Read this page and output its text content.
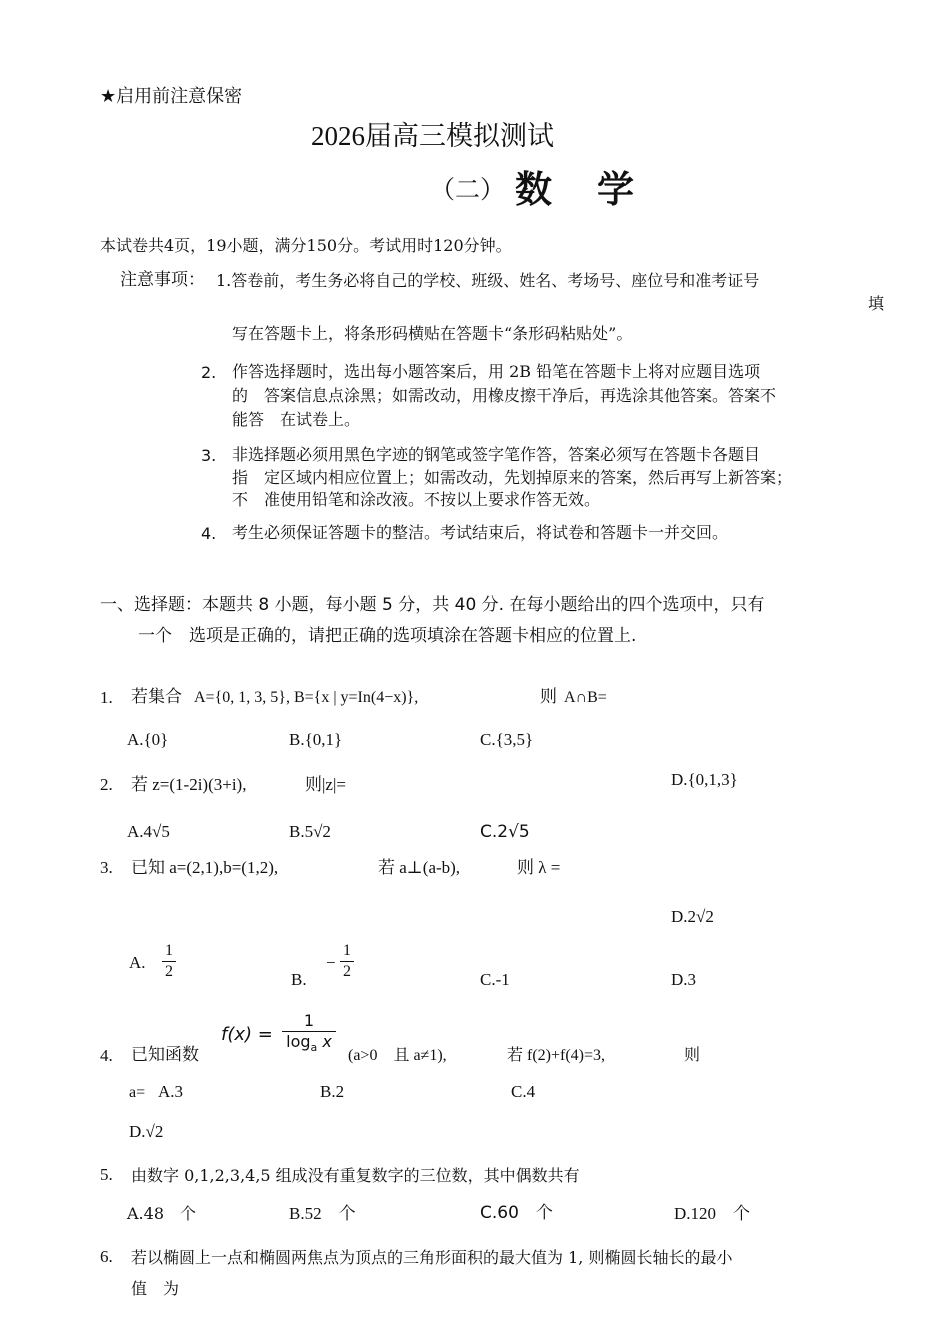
★启用前注意保密
2026届高三模拟测试
（二） 数　学
本试卷共4页，19小题，满分150分。考试用时120分钟。
注意事项： 1.答卷前，考生务必将自己的学校、班级、姓名、考场号、座位号和准考证号
填
写在答题卡上，将条形码横贴在答题卡“条形码粘贴处”。
2. 作答选择题时，选出每小题答案后，用 2B 铅笔在答题卡上将对应题目选项
的　答案信息点涂黑；如需改动，用橡皮擦干净后，再选涂其他答案。答案不
能答　在试卷上。
3. 非选择题必须用黑色字迹的钢笔或签字笔作答，答案必须写在答题卡各题目
指　定区域内相应位置上；如需改动，先划掉原来的答案，然后再写上新答案；
不　准使用铅笔和涂改液。不按以上要求作答无效。
4. 考生必须保证答题卡的整洁。考试结束后，将试卷和答题卡一并交回。
一、选择题：本题共 8 小题，每小题 5 分，共 40 分. 在每小题给出的四个选项中，只有
一个　选项是正确的，请把正确的选项填涂在答题卡相应的位置上.
1. 若集合 A={0, 1, 3, 5}, B={x | y=In(4−x)},	则 A∩B=
A.{0}	B.{0,1}	C.{3,5}
D.{0,1,3}
2. 若 z=(1-2i)(3+i),	则|z|=
A.4√5	B.5√2	C.2√5
D.2√2
3. 已知 a=(2,1),b=(1,2),	若 a⊥(a-b),	则 λ =
A.
1
2	B.
−
1
2	C.-1	D.3
4. 已知函数
f(x) =
1
$\log_a x$
(a>0　且 a≠1),	若 f(2)+f(4)=3,	则
a= A.3	B.2	C.4
D.√2
5. 由数字 0,1,2,3,4,5 组成没有重复数字的三位数，其中偶数共有
A.48　个	B.52　个	C.60　个	D.120　个
6. 若以椭圆上一点和椭圆两焦点为顶点的三角形面积的最大值为 1, 则椭圆长轴长的最小
值　为
